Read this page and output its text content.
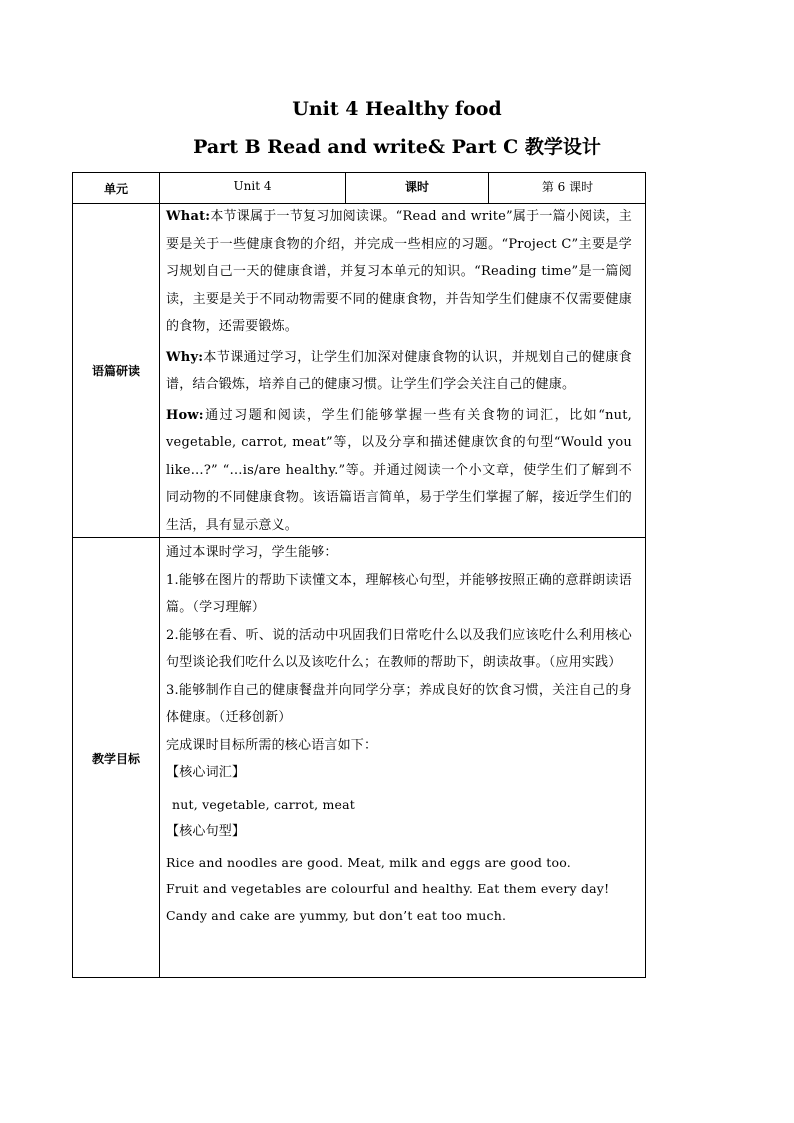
Unit 4 Healthy food
Part B Read and write& Part C 教学设计
单元	Unit 4	课时	第 6 课时
语篇研读

What:本节课属于一节复习加阅读课。“Read and write”属于一篇小阅读，主要是关于一些健康食物的介绍，并完成一些相应的习题。“Project C”主要是学习规划自己一天的健康食谱，并复习本单元的知识。“Reading time”是一篇阅读，主要是关于不同动物需要不同的健康食物，并告知学生们健康不仅需要健康的食物，还需要锻炼。

Why:本节课通过学习，让学生们加深对健康食物的认识，并规划自己的健康食谱，结合锻炼，培养自己的健康习惯。让学生们学会关注自己的健康。

How:通过习题和阅读，学生们能够掌握一些有关食物的词汇，比如“nut, vegetable, carrot, meat”等，以及分享和描述健康饮食的句型“Would you like…?” “…is/are healthy.”等。并通过阅读一个小文章，使学生们了解到不同动物的不同健康食物。该语篇语言简单，易于学生们掌握了解，接近学生们的生活，具有显示意义。

教学目标

通过本课时学习，学生能够：

1.能够在图片的帮助下读懂文本，理解核心句型，并能够按照正确的意群朗读语篇。（学习理解）

2.能够在看、听、说的活动中巩固我们日常吃什么以及我们应该吃什么利用核心句型谈论我们吃什么以及该吃什么；在教师的帮助下，朗读故事。（应用实践）

3.能够制作自己的健康餐盘并向同学分享；养成良好的饮食习惯，关注自己的身体健康。（迁移创新）

完成课时目标所需的核心语言如下：

【核心词汇】

nut, vegetable, carrot, meat

【核心句型】

Rice and noodles are good. Meat, milk and eggs are good too.

Fruit and vegetables are colourful and healthy. Eat them every day!

Candy and cake are yummy, but don’t eat too much.
